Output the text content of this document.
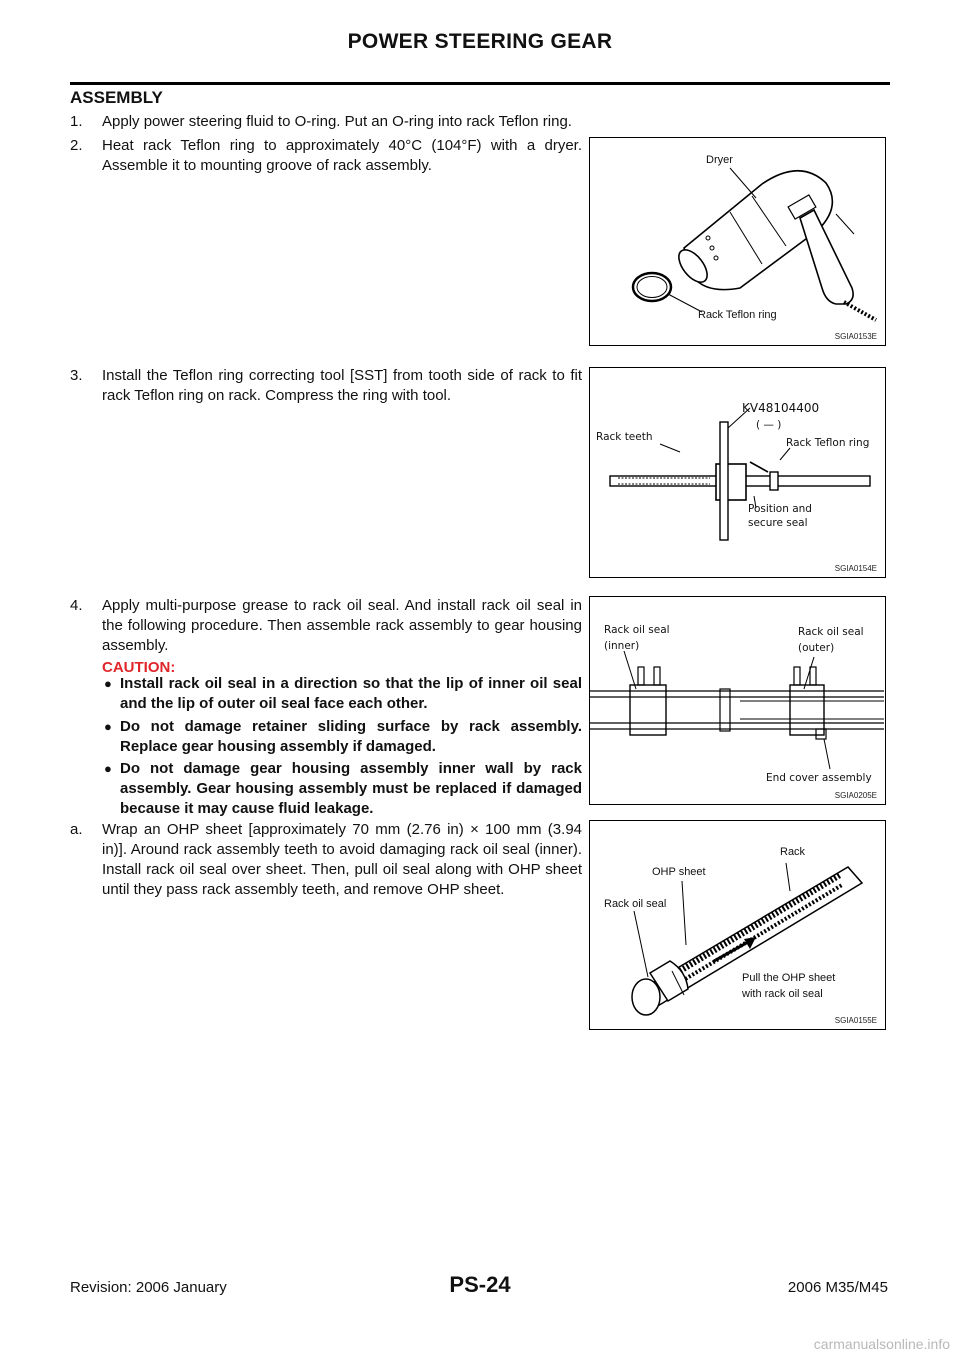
POWER STEERING GEAR
ASSEMBLY
1. Apply power steering fluid to O-ring. Put an O-ring into rack Teflon ring.
2. Heat rack Teflon ring to approximately 40°C (104°F) with a dryer. Assemble it to mounting groove of rack assembly.	Dryer
Rack Teflon ring
SGIA0153E
3. Install the Teflon ring correcting tool [SST] from tooth side of rack to fit rack Teflon ring on rack. Compress the ring with tool.
KV48104400
( — )
Rack teeth	Rack Teflon ring
Position and
secure seal
SGIA0154E
4. Apply multi-purpose grease to rack oil seal. And install rack oil seal in the following procedure. Then assemble rack assembly to gear housing assembly.
CAUTION:
● Install rack oil seal in a direction so that the lip of inner oil seal and the lip of outer oil seal face each other.
● Do not damage retainer sliding surface by rack assembly. Replace gear housing assembly if damaged.
● Do not damage gear housing assembly inner wall by rack assembly. Gear housing assembly must be replaced if damaged because it may cause fluid leakage.
Rack oil seal
(inner)
Rack oil seal
(outer)
End cover assembly
SGIA0205E
a. Wrap an OHP sheet [approximately 70 mm (2.76 in) × 100 mm (3.94 in)]. Around rack assembly teeth to avoid damaging rack oil seal (inner). Install rack oil seal over sheet. Then, pull oil seal along with OHP sheet until they pass rack assembly teeth, and remove OHP sheet.
Rack
OHP sheet
Rack oil seal
Pull the OHP sheet
with rack oil seal
SGIA0155E
Revision: 2006 January	PS-24	2006 M35/M45
carmanualsonline.info
